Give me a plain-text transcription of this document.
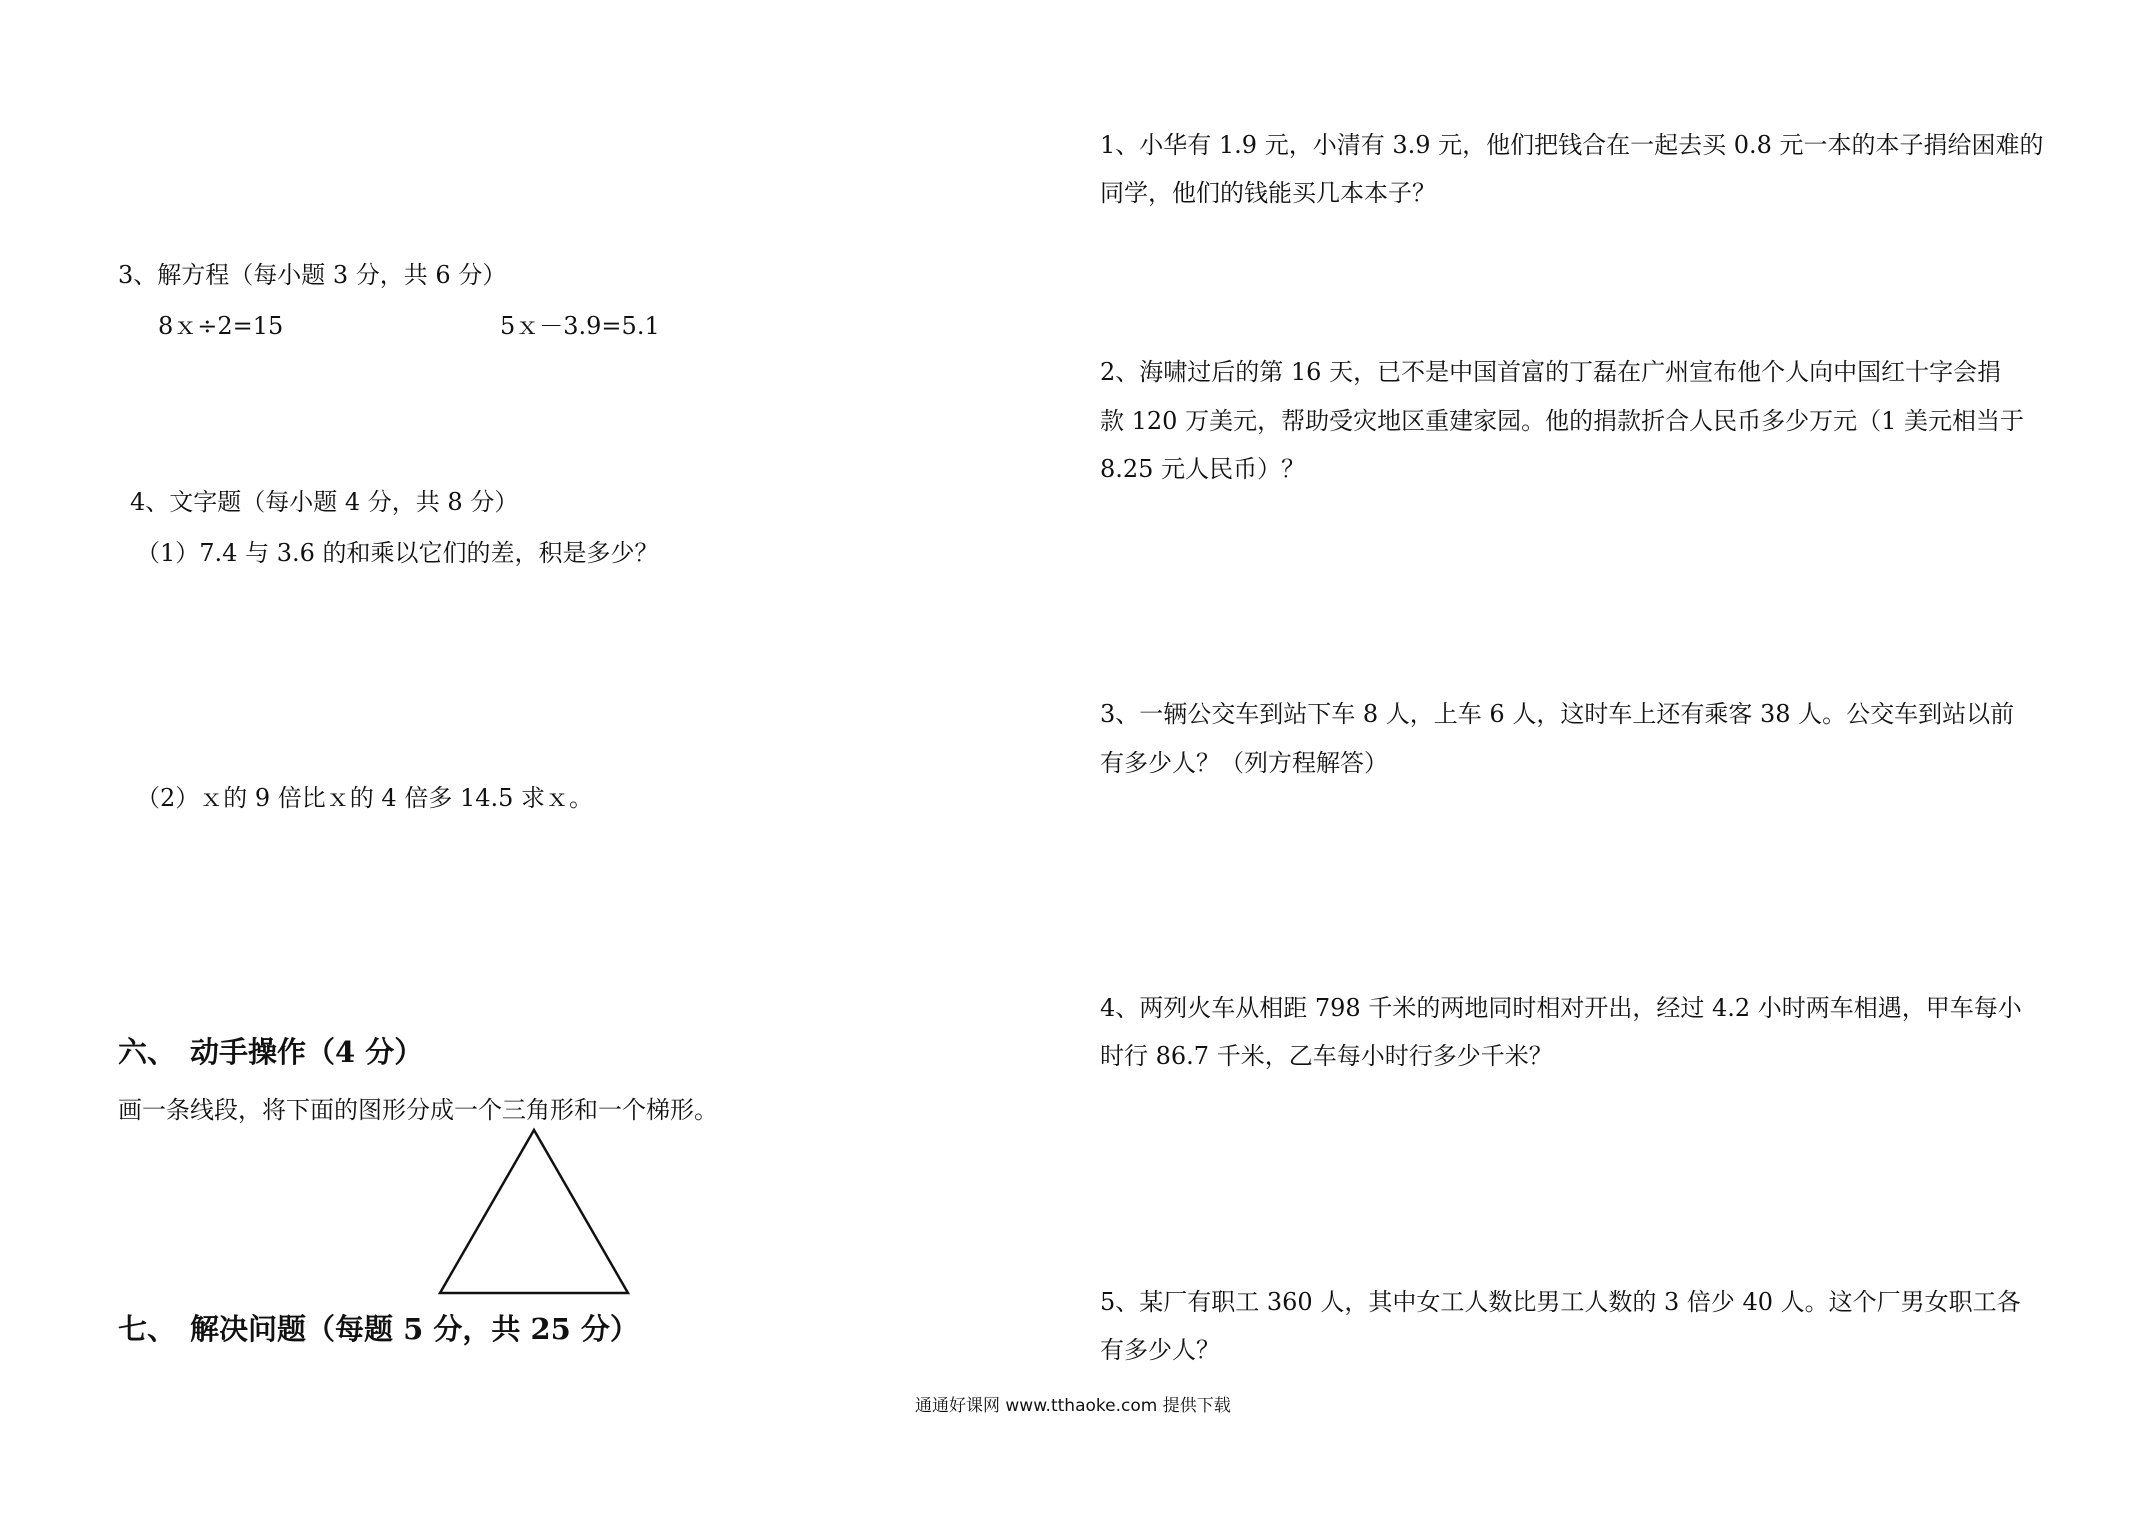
3、解方程（每小题 3 分，共 6 分）
8ｘ÷2=15	5ｘ－3.9=5.1
4、文字题（每小题 4 分，共 8 分）
（1）7.4 与 3.6 的和乘以它们的差，积是多少？
（2）ｘ的 9 倍比ｘ的 4 倍多 14.5 求ｘ。
六、 动手操作（4 分）
画一条线段，将下面的图形分成一个三角形和一个梯形。
七、 解决问题（每题 5 分，共 25 分）
1、小华有 1.9 元，小清有 3.9 元，他们把钱合在一起去买 0.8 元一本的本子捐给困难的
同学，他们的钱能买几本本子？
2、海啸过后的第 16 天，已不是中国首富的丁磊在广州宣布他个人向中国红十字会捐
款 120 万美元，帮助受灾地区重建家园。他的捐款折合人民币多少万元（1 美元相当于
8.25 元人民币）？
3、一辆公交车到站下车 8 人，上车 6 人，这时车上还有乘客 38 人。公交车到站以前
有多少人？（列方程解答）
4、两列火车从相距 798 千米的两地同时相对开出，经过 4.2 小时两车相遇，甲车每小
时行 86.7 千米，乙车每小时行多少千米？
5、某厂有职工 360 人，其中女工人数比男工人数的 3 倍少 40 人。这个厂男女职工各
有多少人？
通通好课网 www.tthaoke.com 提供下载
